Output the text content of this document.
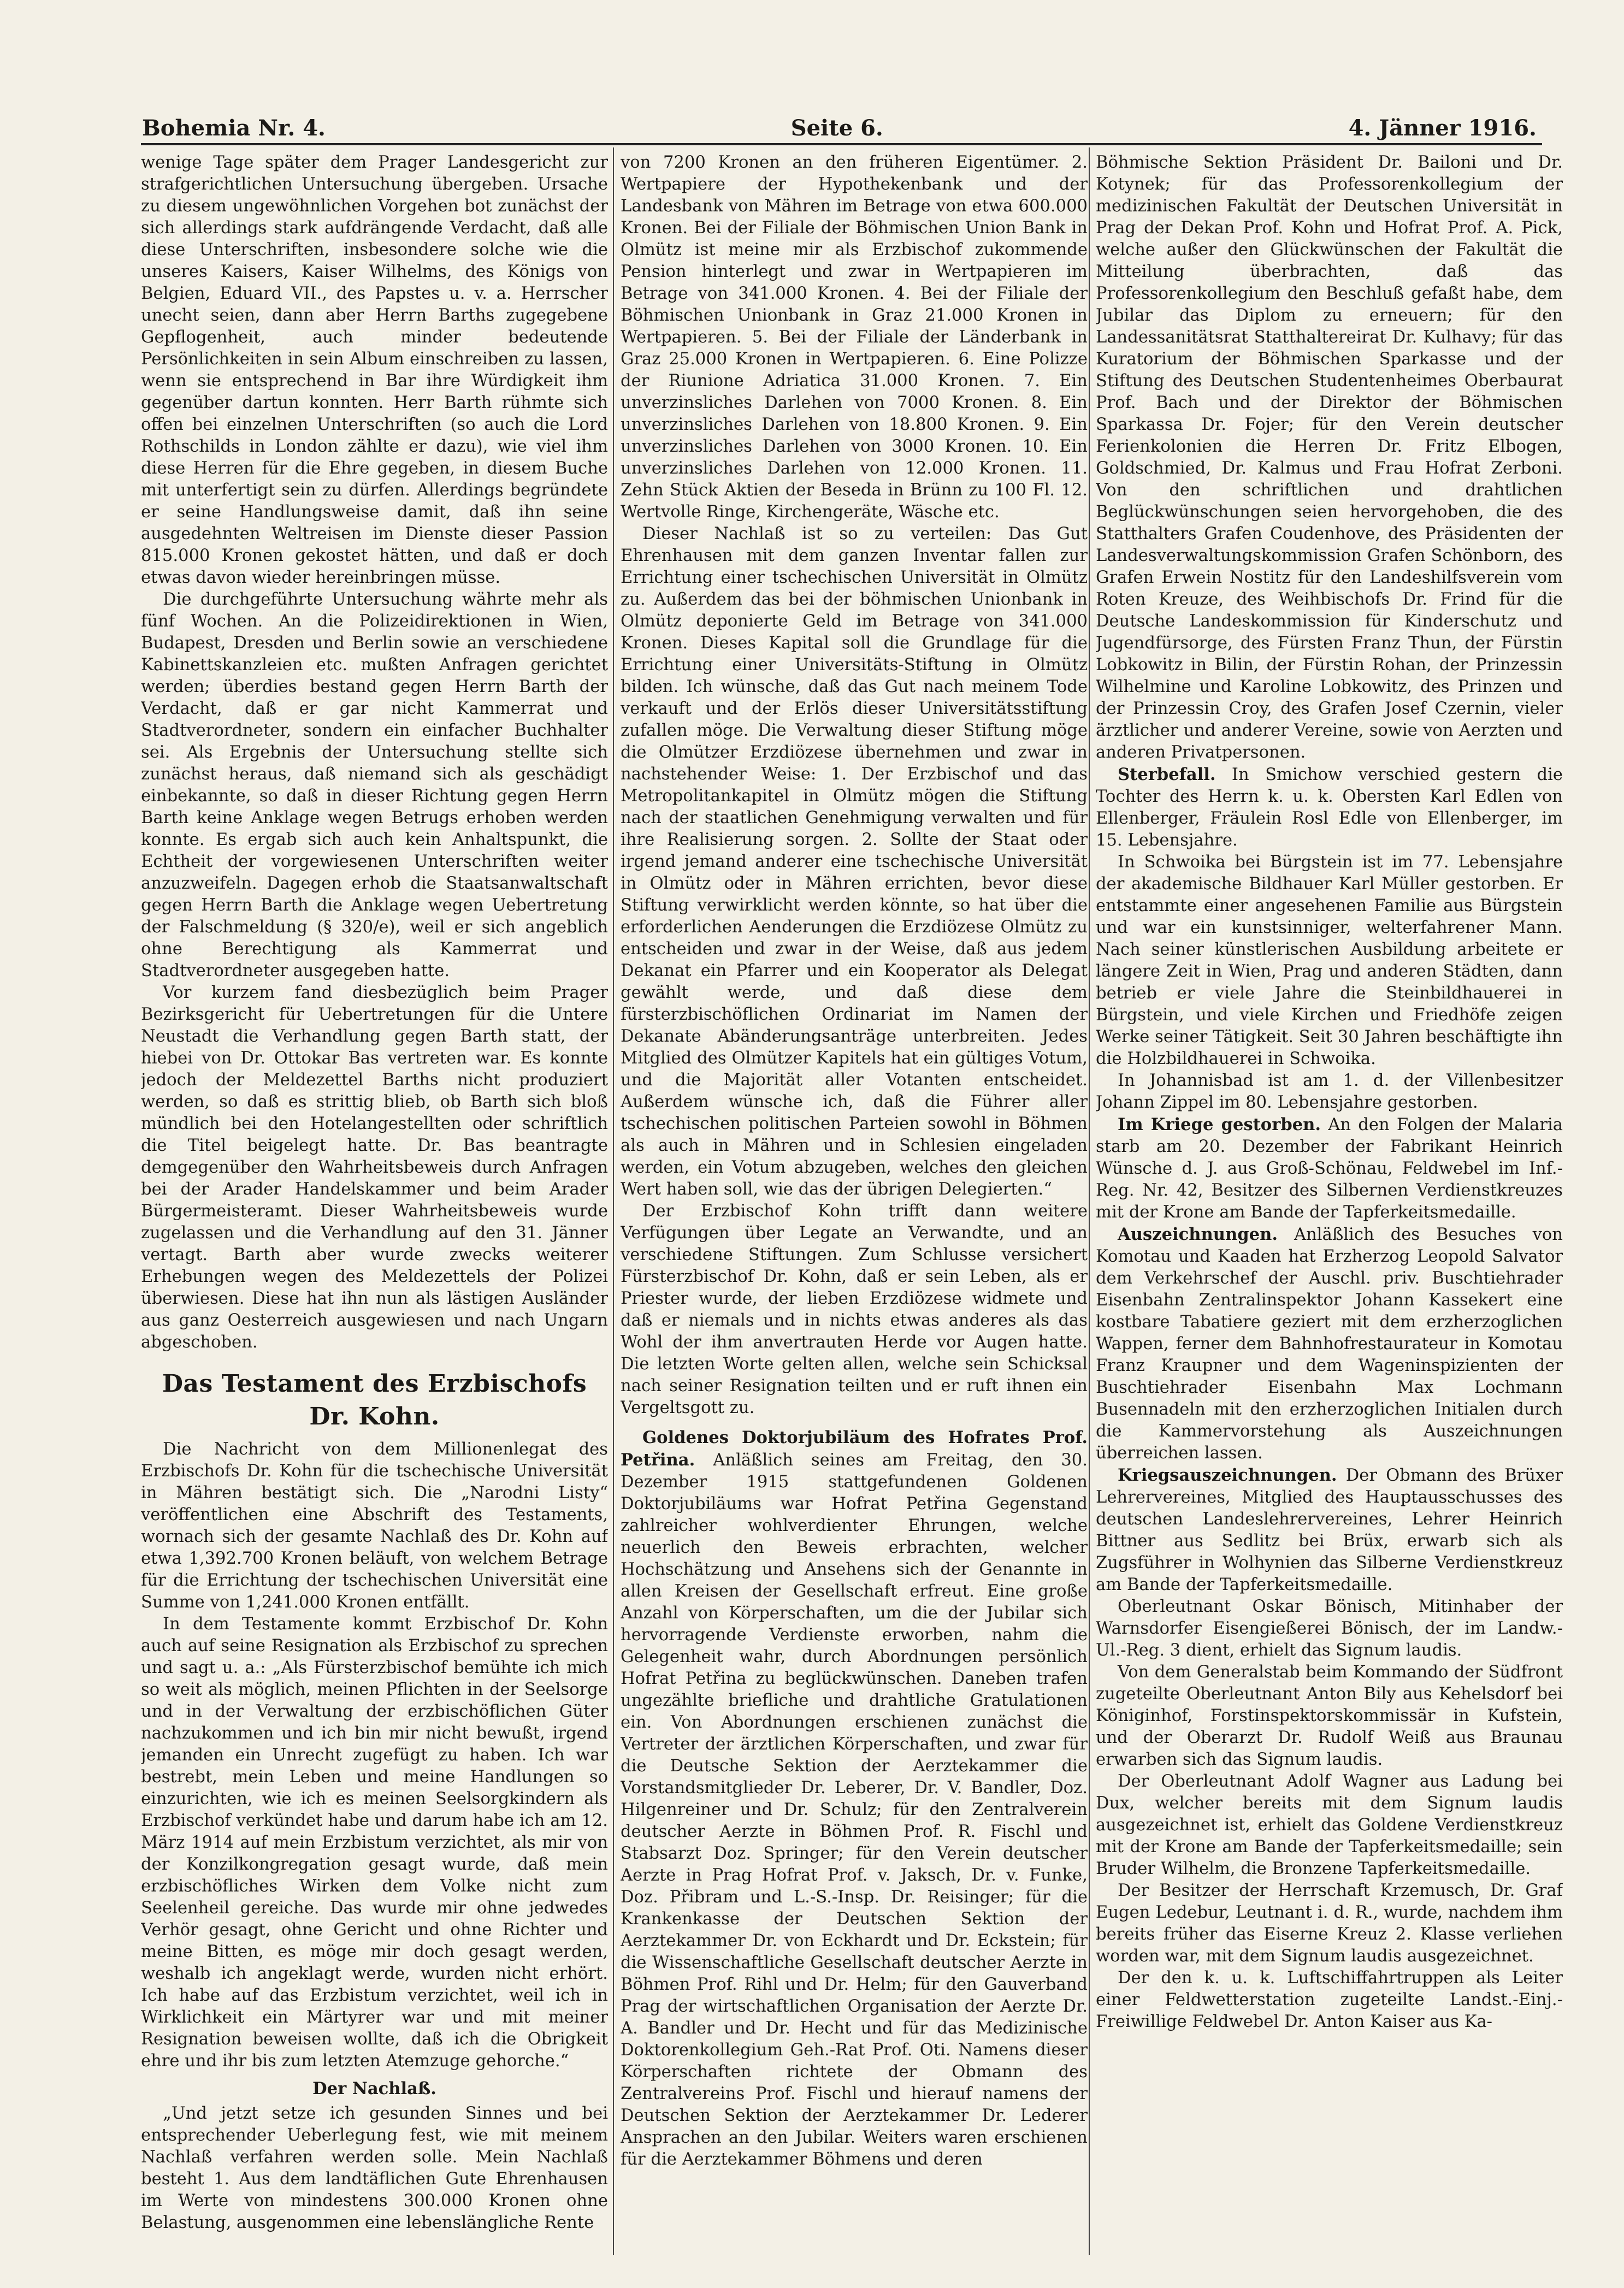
Bohemia Nr. 4.	Seite 6.	4. Jänner 1916.

wenige Tage später dem Prager Landesgericht zur strafgerichtlichen Untersuchung übergeben. Ursache zu diesem ungewöhnlichen Vorgehen bot zunächst der sich allerdings stark aufdrängende Verdacht, daß alle diese Unterschriften, insbesondere solche wie die unseres Kaisers, Kaiser Wilhelms, des Königs von Belgien, Eduard VII., des Papstes u. v. a. Herrscher unecht seien, dann aber Herrn Barths zugegebene Gepflogenheit, auch minder bedeutende Persönlichkeiten in sein Album einschreiben zu lassen, wenn sie entsprechend in Bar ihre Würdigkeit ihm gegenüber dartun konnten. Herr Barth rühmte sich offen bei einzelnen Unterschriften (so auch die Lord Rothschilds in London zählte er dazu), wie viel ihm diese Herren für die Ehre gegeben, in diesem Buche mit unterfertigt sein zu dürfen. Allerdings begründete er seine Handlungsweise damit, daß ihn seine ausgedehnten Weltreisen im Dienste dieser Passion 815.000 Kronen gekostet hätten, und daß er doch etwas davon wieder hereinbringen müsse.

Die durchgeführte Untersuchung währte mehr als fünf Wochen. An die Polizeidirektionen in Wien, Budapest, Dresden und Berlin sowie an verschiedene Kabinettskanzleien etc. mußten Anfragen gerichtet werden; überdies bestand gegen Herrn Barth der Verdacht, daß er gar nicht Kammerrat und Stadtverordneter, sondern ein einfacher Buchhalter sei. Als Ergebnis der Untersuchung stellte sich zunächst heraus, daß niemand sich als geschädigt einbekannte, so daß in dieser Richtung gegen Herrn Barth keine Anklage wegen Betrugs erhoben werden konnte. Es ergab sich auch kein Anhaltspunkt, die Echtheit der vorgewiesenen Unterschriften weiter anzuzweifeln. Dagegen erhob die Staatsanwaltschaft gegen Herrn Barth die Anklage wegen Uebertretung der Falschmeldung (§ 320/e), weil er sich angeblich ohne Berechtigung als Kammerrat und Stadtverordneter ausgegeben hatte.

Vor kurzem fand diesbezüglich beim Prager Bezirksgericht für Uebertretungen für die Untere Neustadt die Verhandlung gegen Barth statt, der hiebei von Dr. Ottokar Bas vertreten war. Es konnte jedoch der Meldezettel Barths nicht produziert werden, so daß es strittig blieb, ob Barth sich bloß mündlich bei den Hotelangestellten oder schriftlich die Titel beigelegt hatte. Dr. Bas beantragte demgegenüber den Wahrheitsbeweis durch Anfragen bei der Arader Handelskammer und beim Arader Bürgermeisteramt. Dieser Wahrheitsbeweis wurde zugelassen und die Verhandlung auf den 31. Jänner vertagt. Barth aber wurde zwecks weiterer Erhebungen wegen des Meldezettels der Polizei überwiesen. Diese hat ihn nun als lästigen Ausländer aus ganz Oesterreich ausgewiesen und nach Ungarn abgeschoben.

Das Testament des Erzbischofs Dr. Kohn.

Die Nachricht von dem Millionenlegat des Erzbischofs Dr. Kohn für die tschechische Universität in Mähren bestätigt sich. Die „Narodni Listy“ veröffentlichen eine Abschrift des Testaments, wornach sich der gesamte Nachlaß des Dr. Kohn auf etwa 1,392.700 Kronen beläuft, von welchem Betrage für die Errichtung der tschechischen Universität eine Summe von 1,241.000 Kronen entfällt.

In dem Testamente kommt Erzbischof Dr. Kohn auch auf seine Resignation als Erzbischof zu sprechen und sagt u. a.: „Als Fürsterzbischof bemühte ich mich so weit als möglich, meinen Pflichten in der Seelsorge und in der Verwaltung der erzbischöflichen Güter nachzukommen und ich bin mir nicht bewußt, irgend jemanden ein Unrecht zugefügt zu haben. Ich war bestrebt, mein Leben und meine Handlungen so einzurichten, wie ich es meinen Seelsorgkindern als Erzbischof verkündet habe und darum habe ich am 12. März 1914 auf mein Erzbistum verzichtet, als mir von der Konzilkongregation gesagt wurde, daß mein erzbischöfliches Wirken dem Volke nicht zum Seelenheil gereiche. Das wurde mir ohne jedwedes Verhör gesagt, ohne Gericht und ohne Richter und meine Bitten, es möge mir doch gesagt werden, weshalb ich angeklagt werde, wurden nicht erhört. Ich habe auf das Erzbistum verzichtet, weil ich in Wirklichkeit ein Märtyrer war und mit meiner Resignation beweisen wollte, daß ich die Obrigkeit ehre und ihr bis zum letzten Atemzuge gehorche.“

Der Nachlaß.

„Und jetzt setze ich gesunden Sinnes und bei entsprechender Ueberlegung fest, wie mit meinem Nachlaß verfahren werden solle. Mein Nachlaß besteht 1. Aus dem landtäflichen Gute Ehrenhausen im Werte von mindestens 300.000 Kronen ohne Belastung, ausgenommen eine lebenslängliche Rente

von 7200 Kronen an den früheren Eigentümer. 2. Wertpapiere der Hypothekenbank und der Landesbank von Mähren im Betrage von etwa 600.000 Kronen. Bei der Filiale der Böhmischen Union Bank in Olmütz ist meine mir als Erzbischof zukommende Pension hinterlegt und zwar in Wertpapieren im Betrage von 341.000 Kronen. 4. Bei der Filiale der Böhmischen Unionbank in Graz 21.000 Kronen in Wertpapieren. 5. Bei der Filiale der Länderbank in Graz 25.000 Kronen in Wertpapieren. 6. Eine Polizze der Riunione Adriatica 31.000 Kronen. 7. Ein unverzinsliches Darlehen von 7000 Kronen. 8. Ein unverzinsliches Darlehen von 18.800 Kronen. 9. Ein unverzinsliches Darlehen von 3000 Kronen. 10. Ein unverzinsliches Darlehen von 12.000 Kronen. 11. Zehn Stück Aktien der Beseda in Brünn zu 100 Fl. 12. Wertvolle Ringe, Kirchengeräte, Wäsche etc.

Dieser Nachlaß ist so zu verteilen: Das Gut Ehrenhausen mit dem ganzen Inventar fallen zur Errichtung einer tschechischen Universität in Olmütz zu. Außerdem das bei der böhmischen Unionbank in Olmütz deponierte Geld im Betrage von 341.000 Kronen. Dieses Kapital soll die Grundlage für die Errichtung einer Universitäts-Stiftung in Olmütz bilden. Ich wünsche, daß das Gut nach meinem Tode verkauft und der Erlös dieser Universitätsstiftung zufallen möge. Die Verwaltung dieser Stiftung möge die Olmützer Erzdiözese übernehmen und zwar in nachstehender Weise: 1. Der Erzbischof und das Metropolitankapitel in Olmütz mögen die Stiftung nach der staatlichen Genehmigung verwalten und für ihre Realisierung sorgen. 2. Sollte der Staat oder irgend jemand anderer eine tschechische Universität in Olmütz oder in Mähren errichten, bevor diese Stiftung verwirklicht werden könnte, so hat über die erforderlichen Aenderungen die Erzdiözese Olmütz zu entscheiden und zwar in der Weise, daß aus jedem Dekanat ein Pfarrer und ein Kooperator als Delegat gewählt werde, und daß diese dem fürsterzbischöflichen Ordinariat im Namen der Dekanate Abänderungsanträge unterbreiten. Jedes Mitglied des Olmützer Kapitels hat ein gültiges Votum, und die Majorität aller Votanten entscheidet. Außerdem wünsche ich, daß die Führer aller tschechischen politischen Parteien sowohl in Böhmen als auch in Mähren und in Schlesien eingeladen werden, ein Votum abzugeben, welches den gleichen Wert haben soll, wie das der übrigen Delegierten.“

Der Erzbischof Kohn trifft dann weitere Verfügungen über Legate an Verwandte, und an verschiedene Stiftungen. Zum Schlusse versichert Fürsterzbischof Dr. Kohn, daß er sein Leben, als er Priester wurde, der lieben Erzdiözese widmete und daß er niemals und in nichts etwas anderes als das Wohl der ihm anvertrauten Herde vor Augen hatte. Die letzten Worte gelten allen, welche sein Schicksal nach seiner Resignation teilten und er ruft ihnen ein Vergeltsgott zu.

Goldenes Doktorjubiläum des Hofrates Prof. Petřina. Anläßlich seines am Freitag, den 30. Dezember 1915 stattgefundenen Goldenen Doktorjubiläums war Hofrat Petřina Gegenstand zahlreicher wohlverdienter Ehrungen, welche neuerlich den Beweis erbrachten, welcher Hochschätzung und Ansehens sich der Genannte in allen Kreisen der Gesellschaft erfreut. Eine große Anzahl von Körperschaften, um die der Jubilar sich hervorragende Verdienste erworben, nahm die Gelegenheit wahr, durch Abordnungen persönlich Hofrat Petřina zu beglückwünschen. Daneben trafen ungezählte briefliche und drahtliche Gratulationen ein. Von Abordnungen erschienen zunächst die Vertreter der ärztlichen Körperschaften, und zwar für die Deutsche Sektion der Aerztekammer die Vorstandsmitglieder Dr. Leberer, Dr. V. Bandler, Doz. Hilgenreiner und Dr. Schulz; für den Zentralverein deutscher Aerzte in Böhmen Prof. R. Fischl und Stabsarzt Doz. Springer; für den Verein deutscher Aerzte in Prag Hofrat Prof. v. Jaksch, Dr. v. Funke, Doz. Přibram und L.-S.-Insp. Dr. Reisinger; für die Krankenkasse der Deutschen Sektion der Aerztekammer Dr. von Eckhardt und Dr. Eckstein; für die Wissenschaftliche Gesellschaft deutscher Aerzte in Böhmen Prof. Rihl und Dr. Helm; für den Gauverband Prag der wirtschaftlichen Organisation der Aerzte Dr. A. Bandler und Dr. Hecht und für das Medizinische Doktorenkollegium Geh.-Rat Prof. Oti. Namens dieser Körperschaften richtete der Obmann des Zentralvereins Prof. Fischl und hierauf namens der Deutschen Sektion der Aerztekammer Dr. Lederer Ansprachen an den Jubilar. Weiters waren erschienen für die Aerztekammer Böhmens und deren

Böhmische Sektion Präsident Dr. Bailoni und Dr. Kotynek; für das Professorenkollegium der medizinischen Fakultät der Deutschen Universität in Prag der Dekan Prof. Kohn und Hofrat Prof. A. Pick, welche außer den Glückwünschen der Fakultät die Mitteilung überbrachten, daß das Professorenkollegium den Beschluß gefaßt habe, dem Jubilar das Diplom zu erneuern; für den Landessanitätsrat Statthaltereirat Dr. Kulhavy; für das Kuratorium der Böhmischen Sparkasse und der Stiftung des Deutschen Studentenheimes Oberbaurat Prof. Bach und der Direktor der Böhmischen Sparkassa Dr. Fojer; für den Verein deutscher Ferienkolonien die Herren Dr. Fritz Elbogen, Goldschmied, Dr. Kalmus und Frau Hofrat Zerboni. Von den schriftlichen und drahtlichen Beglückwünschungen seien hervorgehoben, die des Statthalters Grafen Coudenhove, des Präsidenten der Landesverwaltungskommission Grafen Schönborn, des Grafen Erwein Nostitz für den Landeshilfsverein vom Roten Kreuze, des Weihbischofs Dr. Frind für die Deutsche Landeskommission für Kinderschutz und Jugendfürsorge, des Fürsten Franz Thun, der Fürstin Lobkowitz in Bilin, der Fürstin Rohan, der Prinzessin Wilhelmine und Karoline Lobkowitz, des Prinzen und der Prinzessin Croy, des Grafen Josef Czernin, vieler ärztlicher und anderer Vereine, sowie von Aerzten und anderen Privatpersonen.

Sterbefall. In Smichow verschied gestern die Tochter des Herrn k. u. k. Obersten Karl Edlen von Ellenberger, Fräulein Rosl Edle von Ellenberger, im 15. Lebensjahre.

In Schwoika bei Bürgstein ist im 77. Lebensjahre der akademische Bildhauer Karl Müller gestorben. Er entstammte einer angesehenen Familie aus Bürgstein und war ein kunstsinniger, welterfahrener Mann. Nach seiner künstlerischen Ausbildung arbeitete er längere Zeit in Wien, Prag und anderen Städten, dann betrieb er viele Jahre die Steinbildhauerei in Bürgstein, und viele Kirchen und Friedhöfe zeigen Werke seiner Tätigkeit. Seit 30 Jahren beschäftigte ihn die Holzbildhauerei in Schwoika.

In Johannisbad ist am 1. d. der Villenbesitzer Johann Zippel im 80. Lebensjahre gestorben.

Im Kriege gestorben. An den Folgen der Malaria starb am 20. Dezember der Fabrikant Heinrich Wünsche d. J. aus Groß-Schönau, Feldwebel im Inf.-Reg. Nr. 42, Besitzer des Silbernen Verdienstkreuzes mit der Krone am Bande der Tapferkeitsmedaille.

Auszeichnungen. Anläßlich des Besuches von Komotau und Kaaden hat Erzherzog Leopold Salvator dem Verkehrschef der Auschl. priv. Buschtiehrader Eisenbahn Zentralinspektor Johann Kassekert eine kostbare Tabatiere geziert mit dem erzherzoglichen Wappen, ferner dem Bahnhofrestaurateur in Komotau Franz Kraupner und dem Wageninspizienten der Buschtiehrader Eisenbahn Max Lochmann Busennadeln mit den erzherzoglichen Initialen durch die Kammervorstehung als Auszeichnungen überreichen lassen.

Kriegsauszeichnungen. Der Obmann des Brüxer Lehrervereines, Mitglied des Hauptausschusses des deutschen Landeslehrervereines, Lehrer Heinrich Bittner aus Sedlitz bei Brüx, erwarb sich als Zugsführer in Wolhynien das Silberne Verdienstkreuz am Bande der Tapferkeitsmedaille.

Oberleutnant Oskar Bönisch, Mitinhaber der Warnsdorfer Eisengießerei Bönisch, der im Landw.-Ul.-Reg. 3 dient, erhielt das Signum laudis.

Von dem Generalstab beim Kommando der Südfront zugeteilte Oberleutnant Anton Bily aus Kehelsdorf bei Königinhof, Forstinspektorskommissär in Kufstein, und der Oberarzt Dr. Rudolf Weiß aus Braunau erwarben sich das Signum laudis.

Der Oberleutnant Adolf Wagner aus Ladung bei Dux, welcher bereits mit dem Signum laudis ausgezeichnet ist, erhielt das Goldene Verdienstkreuz mit der Krone am Bande der Tapferkeitsmedaille; sein Bruder Wilhelm, die Bronzene Tapferkeitsmedaille.

Der Besitzer der Herrschaft Krzemusch, Dr. Graf Eugen Ledebur, Leutnant i. d. R., wurde, nachdem ihm bereits früher das Eiserne Kreuz 2. Klasse verliehen worden war, mit dem Signum laudis ausgezeichnet.

Der den k. u. k. Luftschiffahrtruppen als Leiter einer Feldwetterstation zugeteilte Landst.-Einj.-Freiwillige Feldwebel Dr. Anton Kaiser aus Ka-
